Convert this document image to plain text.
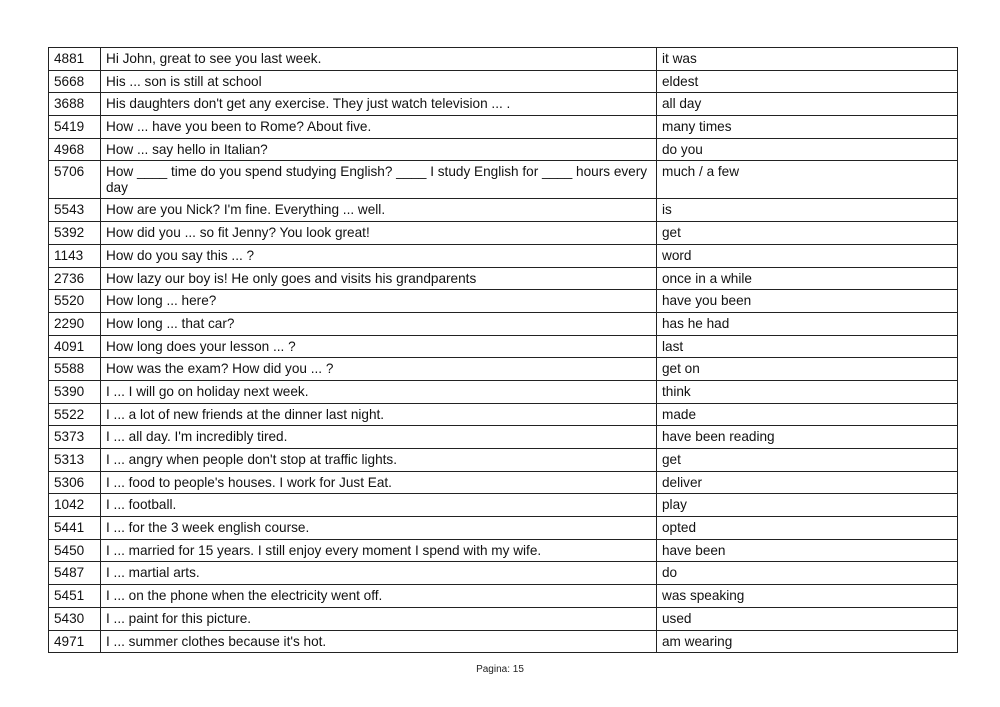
4881	Hi John, great to see you last week.	it was
5668	His ... son is still at school	eldest
3688	His daughters don't get any exercise. They just watch television ... .	all day
5419	How ... have you been to Rome? About five.	many times
4968	How ... say hello in Italian?	do you
5706	How ____ time do you spend studying English? ____ I study English for ____ hours every day	much / a few
5543	How are you Nick? I'm fine. Everything ... well.	is
5392	How did you ... so fit Jenny? You look great!	get
1143	How do you say this ... ?	word
2736	How lazy our boy is! He only goes and visits his grandparents	once in a while
5520	How long ... here?	have you been
2290	How long ... that car?	has he had
4091	How long does your lesson ... ?	last
5588	How was the exam? How did you ... ?	get on
5390	I ... I will go on holiday next week.	think
5522	I ... a lot of new friends at the dinner last night.	made
5373	I ... all day. I'm incredibly tired.	have been reading
5313	I ... angry when people don't stop at traffic lights.	get
5306	I ... food to people's houses. I work for Just Eat.	deliver
1042	I ... football.	play
5441	I ... for the 3 week english course.	opted
5450	I ... married for 15 years. I still enjoy every moment I spend with my wife.	have been
5487	I ... martial arts.	do
5451	I ... on the phone when the electricity went off.	was speaking
5430	I ... paint for this picture.	used
4971	I ... summer clothes because it's hot.	am wearing
Pagina: 15
